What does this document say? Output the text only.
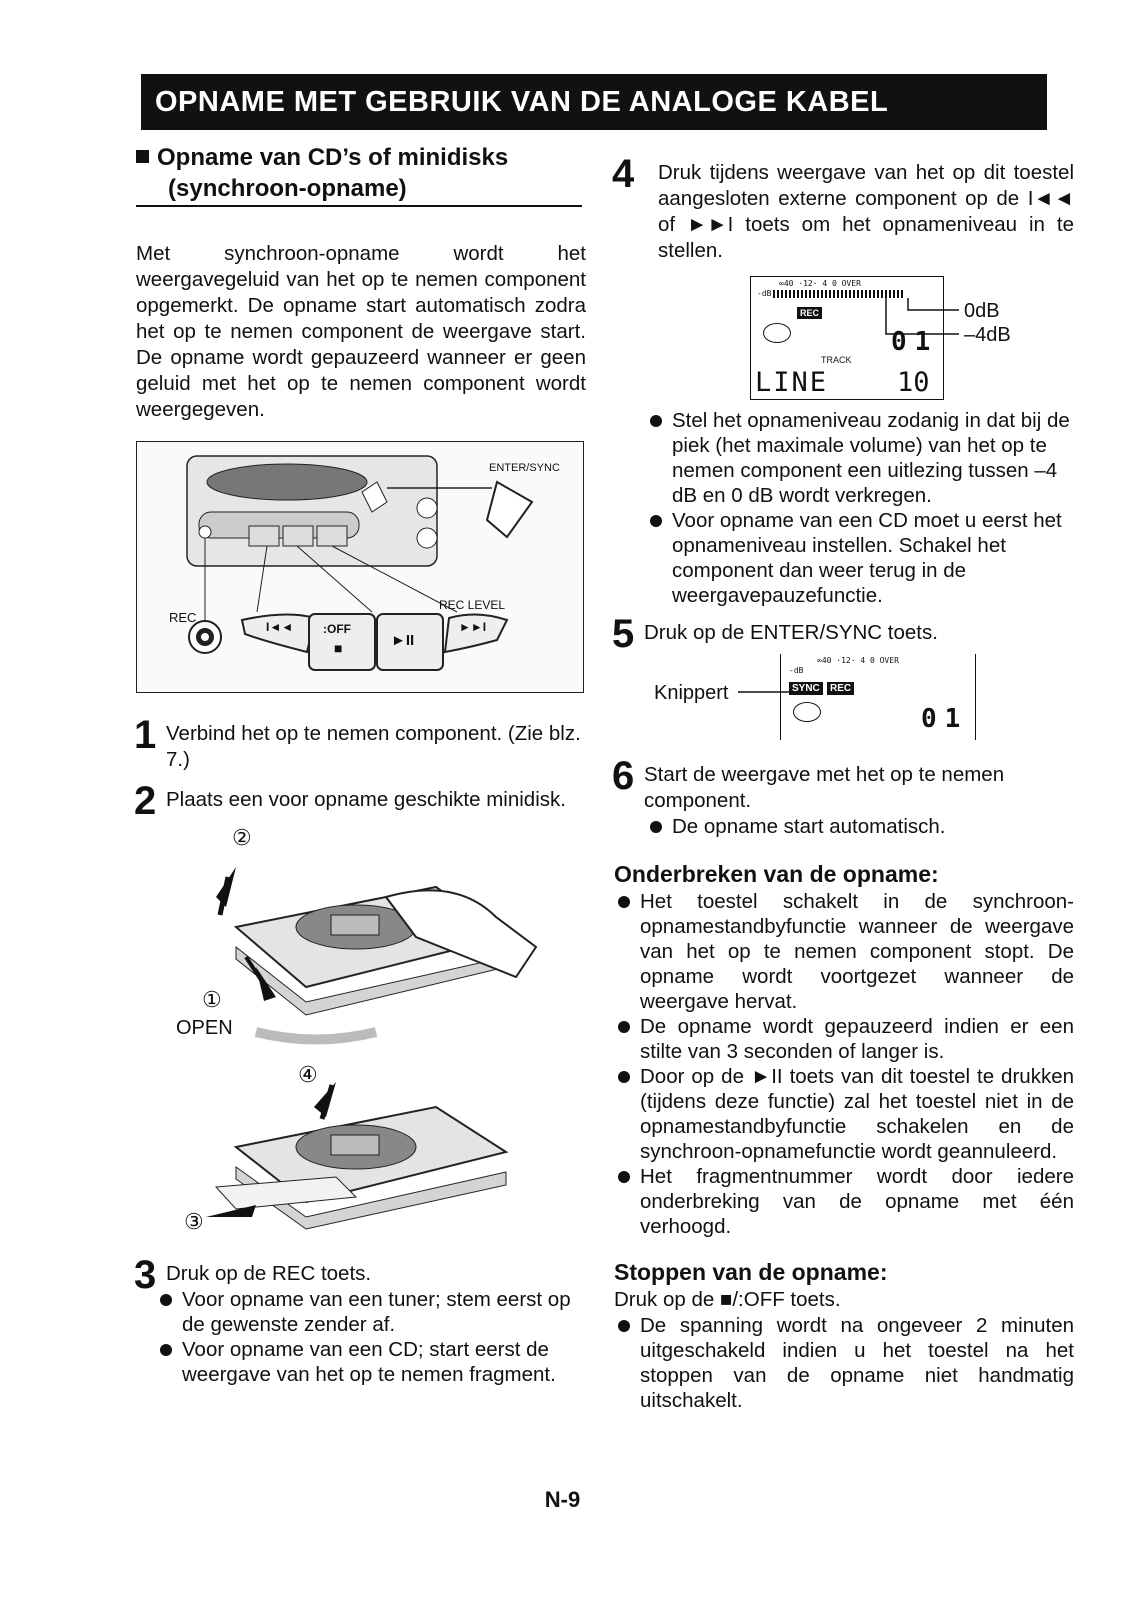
OPNAME MET GEBRUIK VAN DE ANALOGE KABEL
Opname van CD’s of minidisks
(synchroon-opname)
Met synchroon-opname wordt het weergavegeluid van het op te nemen component opgemerkt. De opname start automatisch zodra het op te nemen component de weergave start. De opname wordt gepauzeerd wanneer er geen geluid met het op te nemen component wordt weergegeven.
ENTER/SYNC
REC LEVEL
REC
I◄◄ :OFF
■	►II
►►I
1 Verbind het op te nemen component. (Zie blz. 7.)
2 Plaats een voor opname geschikte minidisk.
②
①
OPEN
④
③
3 Druk op de REC toets.
Voor opname van een tuner; stem eerst op de gewenste zender af.
Voor opname van een CD; start eerst de weergave van het op te nemen fragment.
4 Druk tijdens weergave van het op dit toestel aangesloten externe component op de I◄◄ of ►►I toets om het opnameniveau in te stellen.
∞40 ·12· 4 0 OVER
-dB
REC
TRACK
01
LINE	10
0dB
–4dB
Stel het opnameniveau zodanig in dat bij de piek (het maximale volume) van het op te nemen component een uitlezing tussen –4 dB en 0 dB wordt verkregen.
Voor opname van een CD moet u eerst het opnameniveau instellen. Schakel het component dan weer terug in de weergavepauzefunctie.
5 Druk op de ENTER/SYNC toets.
Knippert
∞40 ·12· 4 0 OVER
-dB
SYNC	REC
01
6 Start de weergave met het op te nemen component.
De opname start automatisch.
Onderbreken van de opname:
Het toestel schakelt in de synchroon-opnamestandbyfunctie wanneer de weergave van het op te nemen component stopt. De opname wordt voortgezet wanneer de weergave hervat.
De opname wordt gepauzeerd indien er een stilte van 3 seconden of langer is.
Door op de ►II toets van dit toestel te drukken (tijdens deze functie) zal het toestel niet in de opnamestandbyfunctie schakelen en de synchroon-opnamefunctie wordt geannuleerd.
Het fragmentnummer wordt door iedere onderbreking van de opname met één verhoogd.
Stoppen van de opname:
Druk op de ■/:OFF toets.
De spanning wordt na ongeveer 2 minuten uitgeschakeld indien u het toestel na het stoppen van de opname niet handmatig uitschakelt.
N-9
